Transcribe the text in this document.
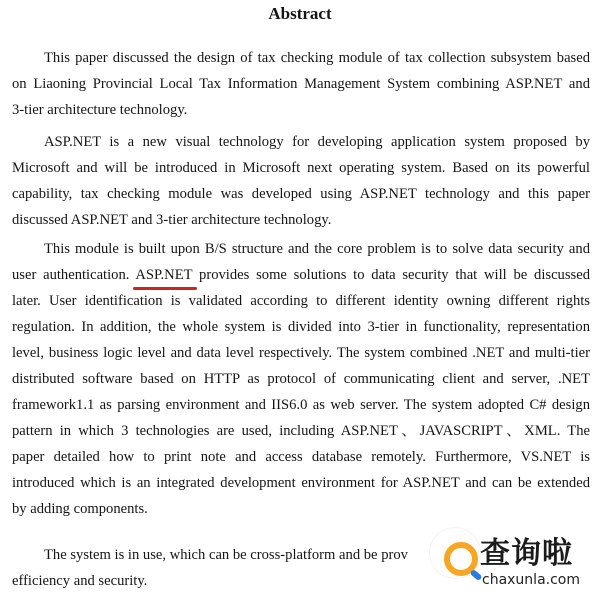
Abstract
This paper discussed the design of tax checking module of tax collection subsystem based
on Liaoning Provincial Local Tax Information Management System combining ASP.NET and
3-tier architecture technology.
ASP.NET is a new visual technology for developing application system proposed by
Microsoft and will be introduced in Microsoft next operating system. Based on its powerful
capability, tax checking module was developed using ASP.NET technology and this paper
discussed ASP.NET and 3-tier architecture technology.
This module is built upon B/S structure and the core problem is to solve data security and
user authentication. ASP.NET provides some solutions to data security that will be discussed
later. User identification is validated according to different identity owning different rights
regulation. In addition, the whole system is divided into 3-tier in functionality, representation
level, business logic level and data level respectively. The system combined .NET and multi-tier
distributed software based on HTTP as protocol of communicating client and server, .NET
framework1.1 as parsing environment and IIS6.0 as web server. The system adopted C# design
pattern in which 3 technologies are used, including ASP.NET、JAVASCRIPT、XML. The
paper detailed how to print note and access database remotely. Furthermore, VS.NET is
introduced which is an integrated development environment for ASP.NET and can be extended
by adding components.
The system is in use, which can be cross-platform and be prov
efficiency and security.
查询啦
chaxunla.com
